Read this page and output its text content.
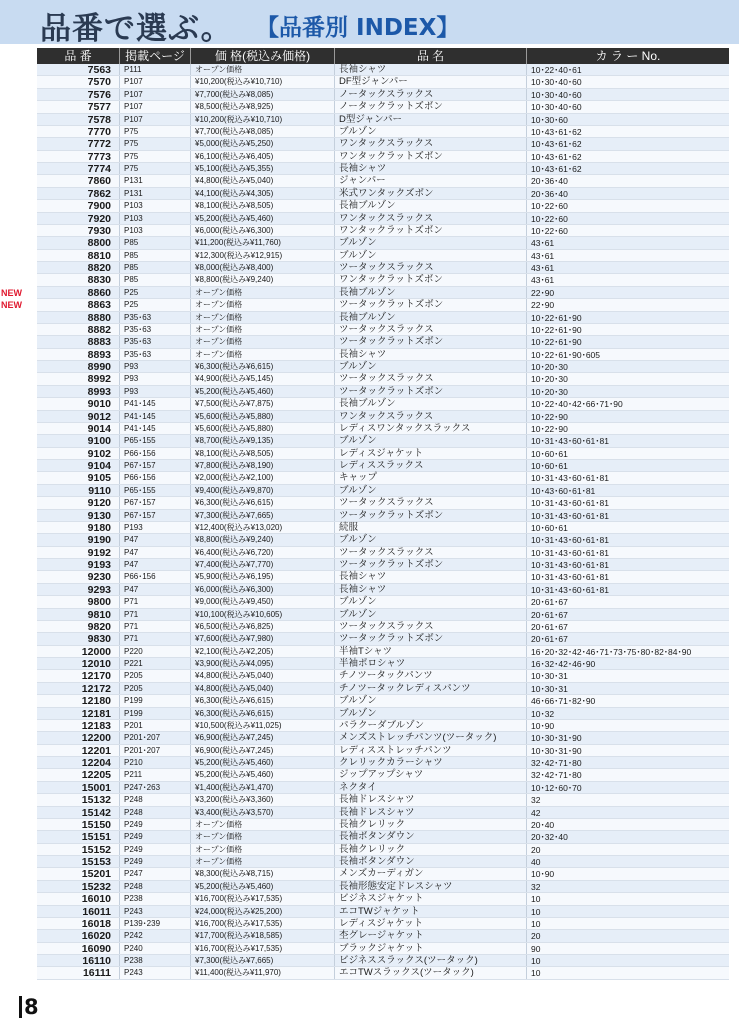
品番で選ぶ。 【品番別 INDEX】
品 番	掲載ページ	価 格(税込み価格)	品 名	カ ラ ー No.
7563	P111	オープン価格	長袖シャツ	10･22･40･61
7570	P107	¥10,200(税込み¥10,710)	DF型ジャンパー	10･30･40･60
7576	P107	¥7,700(税込み¥8,085)	ノータックスラックス	10･30･40･60
7577	P107	¥8,500(税込み¥8,925)	ノータックラットズボン	10･30･40･60
7578	P107	¥10,200(税込み¥10,710)	D型ジャンパー	10･30･60
7770	P75	¥7,700(税込み¥8,085)	ブルゾン	10･43･61･62
7772	P75	¥5,000(税込み¥5,250)	ワンタックスラックス	10･43･61･62
7773	P75	¥6,100(税込み¥6,405)	ワンタックラットズボン	10･43･61･62
7774	P75	¥5,100(税込み¥5,355)	長袖シャツ	10･43･61･62
7860	P131	¥4,800(税込み¥5,040)	ジャンパー	20･36･40
7862	P131	¥4,100(税込み¥4,305)	米式ワンタックズボン	20･36･40
7900	P103	¥8,100(税込み¥8,505)	長袖ブルゾン	10･22･60
7920	P103	¥5,200(税込み¥5,460)	ワンタックスラックス	10･22･60
7930	P103	¥6,000(税込み¥6,300)	ワンタックラットズボン	10･22･60
8800	P85	¥11,200(税込み¥11,760)	ブルゾン	43･61
8810	P85	¥12,300(税込み¥12,915)	ブルゾン	43･61
8820	P85	¥8,000(税込み¥8,400)	ツータックスラックス	43･61
8830	P85	¥8,800(税込み¥9,240)	ワンタックラットズボン	43･61
NEW	8860	P25	オープン価格	長袖ブルゾン	22･90
NEW	8863	P25	オープン価格	ツータックラットズボン	22･90
8880	P35･63	オープン価格	長袖ブルゾン	10･22･61･90
8882	P35･63	オープン価格	ツータックスラックス	10･22･61･90
8883	P35･63	オープン価格	ツータックラットズボン	10･22･61･90
8893	P35･63	オープン価格	長袖シャツ	10･22･61･90･605
8990	P93	¥6,300(税込み¥6,615)	ブルゾン	10･20･30
8992	P93	¥4,900(税込み¥5,145)	ツータックスラックス	10･20･30
8993	P93	¥5,200(税込み¥5,460)	ツータックラットズボン	10･20･30
9010	P41･145	¥7,500(税込み¥7,875)	長袖ブルゾン	10･22･40･42･66･71･90
9012	P41･145	¥5,600(税込み¥5,880)	ワンタックスラックス	10･22･90
9014	P41･145	¥5,600(税込み¥5,880)	レディスワンタックスラックス	10･22･90
9100	P65･155	¥8,700(税込み¥9,135)	ブルゾン	10･31･43･60･61･81
9102	P66･156	¥8,100(税込み¥8,505)	レディスジャケット	10･60･61
9104	P67･157	¥7,800(税込み¥8,190)	レディススラックス	10･60･61
9105	P66･156	¥2,000(税込み¥2,100)	キャップ	10･31･43･60･61･81
9110	P65･155	¥9,400(税込み¥9,870)	ブルゾン	10･43･60･61･81
9120	P67･157	¥6,300(税込み¥6,615)	ツータックスラックス	10･31･43･60･61･81
9130	P67･157	¥7,300(税込み¥7,665)	ツータックラットズボン	10･31･43･60･61･81
9180	P193	¥12,400(税込み¥13,020)	続服	10･60･61
9190	P47	¥8,800(税込み¥9,240)	ブルゾン	10･31･43･60･61･81
9192	P47	¥6,400(税込み¥6,720)	ツータックスラックス	10･31･43･60･61･81
9193	P47	¥7,400(税込み¥7,770)	ツータックラットズボン	10･31･43･60･61･81
9230	P66･156	¥5,900(税込み¥6,195)	長袖シャツ	10･31･43･60･61･81
9293	P47	¥6,000(税込み¥6,300)	長袖シャツ	10･31･43･60･61･81
9800	P71	¥9,000(税込み¥9,450)	ブルゾン	20･61･67
9810	P71	¥10,100(税込み¥10,605)	ブルゾン	20･61･67
9820	P71	¥6,500(税込み¥6,825)	ツータックスラックス	20･61･67
9830	P71	¥7,600(税込み¥7,980)	ツータックラットズボン	20･61･67
12000	P220	¥2,100(税込み¥2,205)	半袖Tシャツ	16･20･32･42･46･71･73･75･80･82･84･90
12010	P221	¥3,900(税込み¥4,095)	半袖ポロシャツ	16･32･42･46･90
12170	P205	¥4,800(税込み¥5,040)	チノツータックパンツ	10･30･31
12172	P205	¥4,800(税込み¥5,040)	チノツータックレディスパンツ	10･30･31
12180	P199	¥6,300(税込み¥6,615)	ブルゾン	46･66･71･82･90
12181	P199	¥6,300(税込み¥6,615)	ブルゾン	10･32
12183	P201	¥10,500(税込み¥11,025)	パラクーダブルゾン	10･90
12200	P201･207	¥6,900(税込み¥7,245)	メンズストレッチパンツ(ツータック)	10･30･31･90
12201	P201･207	¥6,900(税込み¥7,245)	レディスストレッチパンツ	10･30･31･90
12204	P210	¥5,200(税込み¥5,460)	クレリックカラーシャツ	32･42･71･80
12205	P211	¥5,200(税込み¥5,460)	ジップアップシャツ	32･42･71･80
15001	P247･263	¥1,400(税込み¥1,470)	ネクタイ	10･12･60･70
15132	P248	¥3,200(税込み¥3,360)	長袖ドレスシャツ	32
15142	P248	¥3,400(税込み¥3,570)	長袖ドレスシャツ	42
15150	P249	オープン価格	長袖クレリック	20･40
15151	P249	オープン価格	長袖ボタンダウン	20･32･40
15152	P249	オープン価格	長袖クレリック	20
15153	P249	オープン価格	長袖ボタンダウン	40
15201	P247	¥8,300(税込み¥8,715)	メンズカーディガン	10･90
15232	P248	¥5,200(税込み¥5,460)	長袖形態安定ドレスシャツ	32
16010	P238	¥16,700(税込み¥17,535)	ビジネスジャケット	10
16011	P243	¥24,000(税込み¥25,200)	エコTWジャケット	10
16018	P139･239	¥16,700(税込み¥17,535)	レディスジャケット	10
16020	P242	¥17,700(税込み¥18,585)	杢グレージャケット	20
16090	P240	¥16,700(税込み¥17,535)	ブラックジャケット	90
16110	P238	¥7,300(税込み¥7,665)	ビジネススラックス(ツータック)	10
16111	P243	¥11,400(税込み¥11,970)	エコTWスラックス(ツータック)	10
8
